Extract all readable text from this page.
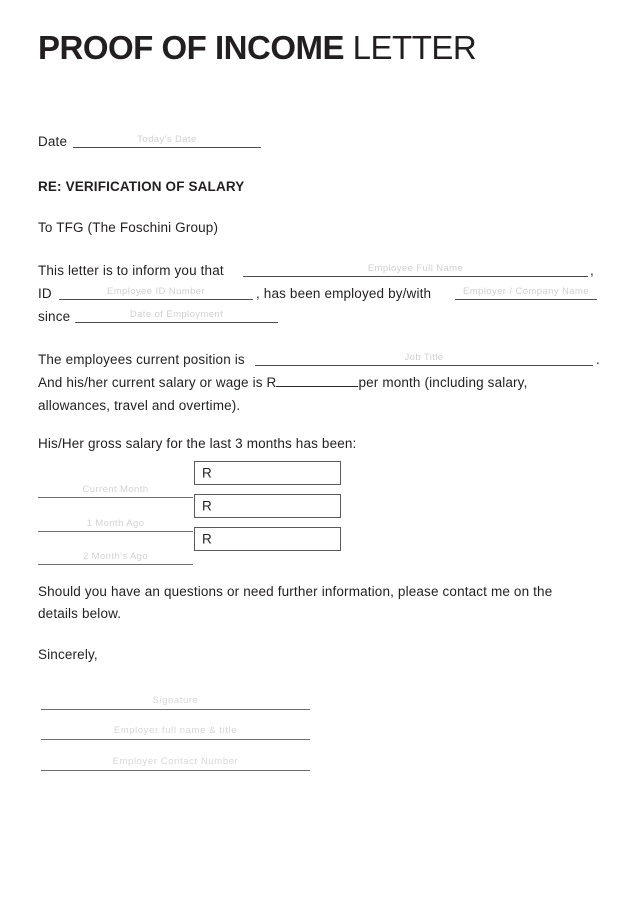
PROOF OF INCOME LETTER
Date	Today's Date
RE: VERIFICATION OF SALARY
To TFG (The Foschini Group)
This letter is to inform you that	Employee Full Name	,
ID	Employee ID Number	, has been employed by/with	Employer / Company Name
since	Date of Employment
The employees current position is	Job Title	.
And his/her current salary or wage is R	per month (including salary,
allowances, travel and overtime).
His/Her gross salary for the last 3 months has been:
Current Month
R
1 Month Ago
R
2 Month's Ago
R
Should you have an questions or need further information, please contact me on the
details below.
Sincerely,
Signature
Employer full name & title
Employer Contact Number
